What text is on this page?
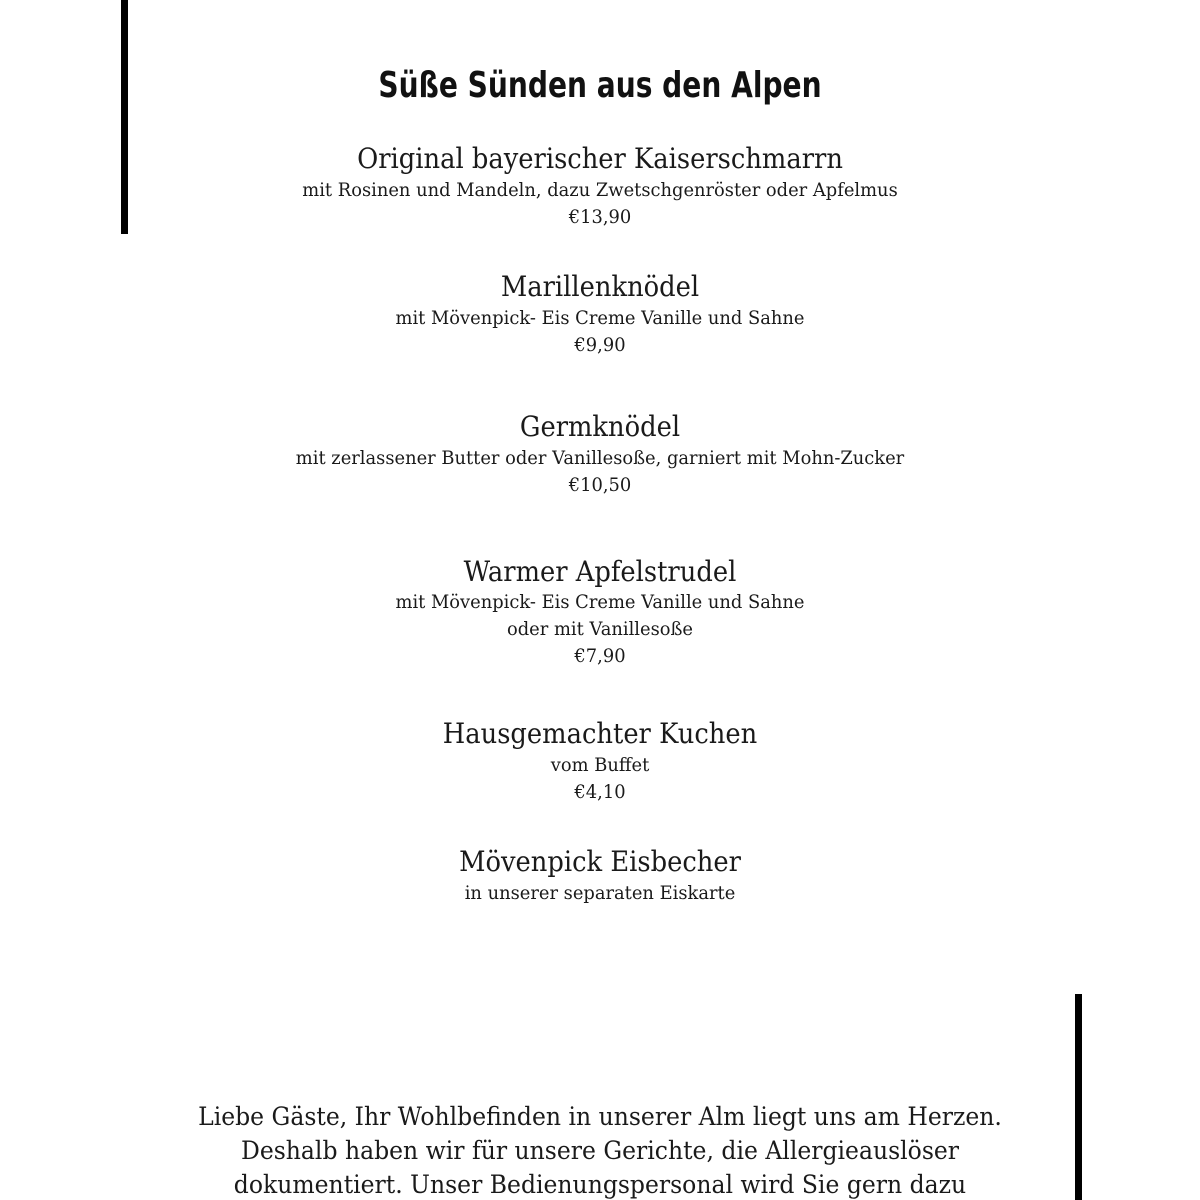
Süße Sünden aus den Alpen
Original bayerischer Kaiserschmarrn
mit Rosinen und Mandeln, dazu Zwetschgenröster oder Apfelmus
€13,90
Marillenknödel
mit Mövenpick- Eis Creme Vanille und Sahne
€9,90
Germknödel
mit zerlassener Butter oder Vanillesoße, garniert mit Mohn-Zucker
€10,50
Warmer Apfelstrudel
mit Mövenpick- Eis Creme Vanille und Sahne
oder mit Vanillesoße
€7,90
Hausgemachter Kuchen
vom Buffet
€4,10
Mövenpick Eisbecher
in unserer separaten Eiskarte
Liebe Gäste, Ihr Wohlbefinden in unserer Alm liegt uns am Herzen.
Deshalb haben wir für unsere Gerichte, die Allergieauslöser
dokumentiert. Unser Bedienungspersonal wird Sie gern dazu
